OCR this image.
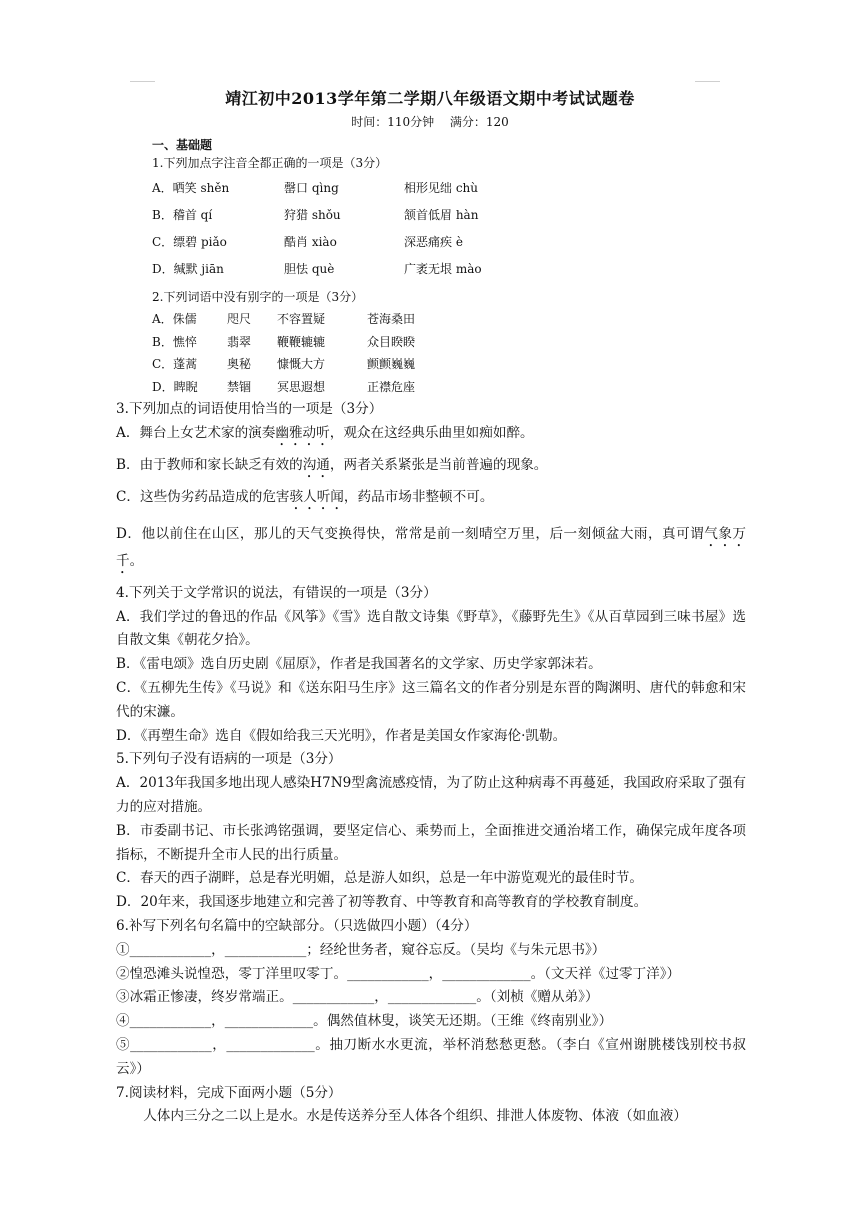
靖江初中2013学年第二学期八年级语文期中考试试题卷
时间：110分钟　 满分：120
一、基础题
1.下列加点字注音全都正确的一项是（3分）
A．哂笑 shěn	罄口 qìng	相形见绌 chù
B．稽首 qí	狩猎 shǒu	颔首低眉 hàn
C．缥碧 piǎo	酷肖 xiào	深恶痛疾 è
D．缄默 jiān	胆怯 què	广袤无垠 mào
2.下列词语中没有别字的一项是（3分）
A．侏儒	咫尺	不容置疑	苍海桑田
B．憔悴	翡翠	鞭鞭辘辘	众目睽睽
C．蓬蒿	奥秘	慷慨大方	颤颤巍巍
D．睥睨	禁锢	冥思遐想	正襟危座

3.下列加点的词语使用恰当的一项是（3分）

A．舞台上女艺术家的演奏幽雅动听，观众在这经典乐曲里如痴如醉。

B．由于教师和家长缺乏有效的沟通，两者关系紧张是当前普遍的现象。

C．这些伪劣药品造成的危害骇人听闻，药品市场非整顿不可。

D．他以前住在山区，那儿的天气变换得快，常常是前一刻晴空万里，后一刻倾盆大雨，真可谓气象万千。

4.下列关于文学常识的说法，有错误的一项是（3分）

A．我们学过的鲁迅的作品《风筝》《雪》选自散文诗集《野草》，《藤野先生》《从百草园到三味书屋》选自散文集《朝花夕拾》。

B．《雷电颂》选自历史剧《屈原》，作者是我国著名的文学家、历史学家郭沫若。

C．《五柳先生传》《马说》和《送东阳马生序》这三篇名文的作者分别是东晋的陶渊明、唐代的韩愈和宋代的宋濂。

D．《再塑生命》选自《假如给我三天光明》，作者是美国女作家海伦·凯勒。

5.下列句子没有语病的一项是（3分）

A．2013年我国多地出现人感染H7N9型禽流感疫情，为了防止这种病毒不再蔓延，我国政府采取了强有力的应对措施。

B．市委副书记、市长张鸿铭强调，要坚定信心、乘势而上，全面推进交通治堵工作，确保完成年度各项指标，不断提升全市人民的出行质量。

C．春天的西子湖畔，总是春光明媚，总是游人如织，总是一年中游览观光的最佳时节。

D．20年来，我国逐步地建立和完善了初等教育、中等教育和高等教育的学校教育制度。

6.补写下列名句名篇中的空缺部分。（只选做四小题）（4分）

①____________，____________；经纶世务者，窥谷忘反。（吴均《与朱元思书》）

②惶恐滩头说惶恐，零丁洋里叹零丁。____________，_____________。（文天祥《过零丁洋》）

③冰霜正惨凄，终岁常端正。____________，_____________。（刘桢《赠从弟》）

④____________，_____________。偶然值林叟，谈笑无还期。（王维《终南别业》）

⑤____________，_____________。抽刀断水水更流，举杯消愁愁更愁。（李白《宣州谢朓楼饯别校书叔云》）

7.阅读材料，完成下面两小题（5分）

人体内三分之二以上是水。水是传送养分至人体各个组织、排泄人体废物、体液（如血液）
